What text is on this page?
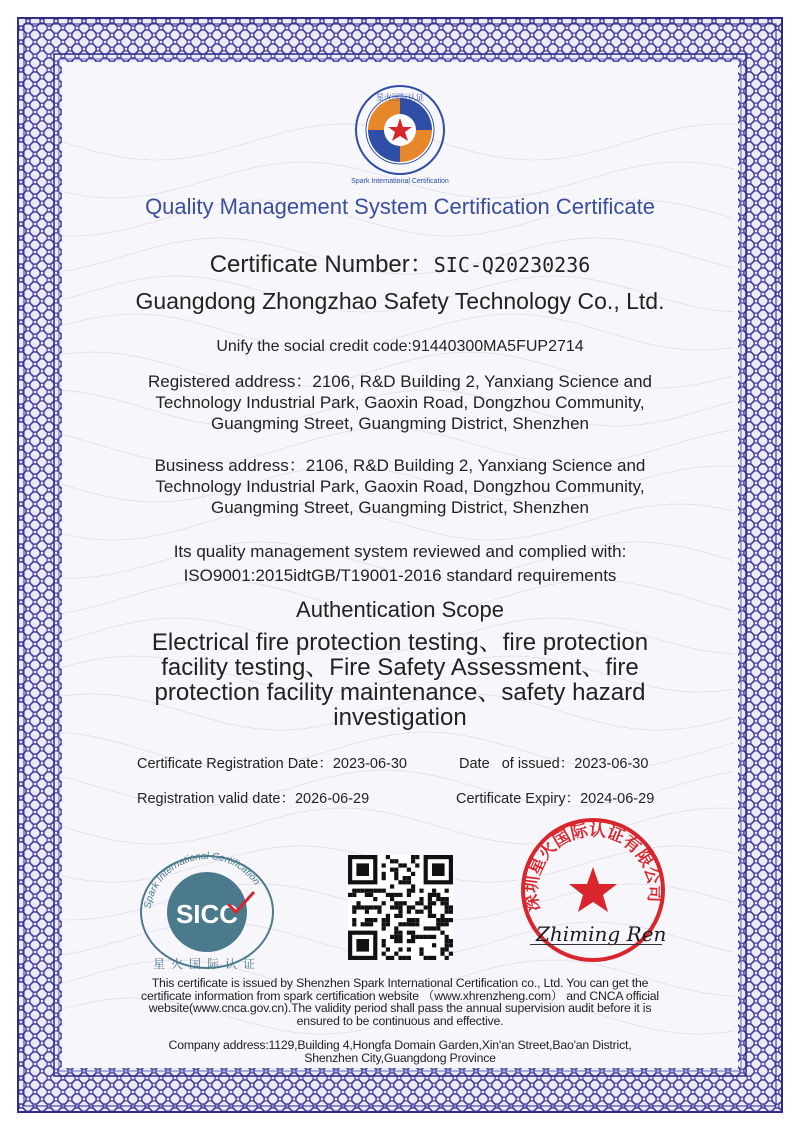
星火国际认证
Spark International Certification
Quality Management System Certification Certificate
Certificate Number：SIC-Q20230236
Guangdong Zhongzhao Safety Technology Co., Ltd.
Unify the social credit code:91440300MA5FUP2714
Registered address：2106, R&D Building 2, Yanxiang Science and
Technology Industrial Park, Gaoxin Road, Dongzhou Community,
Guangming Street, Guangming District, Shenzhen
Business address：2106, R&D Building 2, Yanxiang Science and
Technology Industrial Park, Gaoxin Road, Dongzhou Community,
Guangming Street, Guangming District, Shenzhen
Its quality management system reviewed and complied with:
ISO9001:2015idtGB/T19001-2016 standard requirements
Authentication Scope
Electrical fire protection testing、fire protection
facility testing、Fire Safety Assessment、fire
protection facility maintenance、safety hazard
investigation
Certificate Registration Date：2023-06-30	Date   of issued：2023-06-30
Registration valid date：2026-06-29	Certificate Expiry：2024-06-29
Spark International Certification
SICC
星火国际认证
深圳星火国际认证有限公司
Zhiming Ren
This certificate is issued by Shenzhen Spark International Certification co., Ltd. You can get the
certificate information from spark certification website （www.xhrenzheng.com） and CNCA official
website(www.cnca.gov.cn).The validity period shall pass the annual supervision audit before it is
ensured to be continuous and effective.
Company address:1129,Building 4,Hongfa Domain Garden,Xin'an Street,Bao'an District,
Shenzhen City,Guangdong Province
